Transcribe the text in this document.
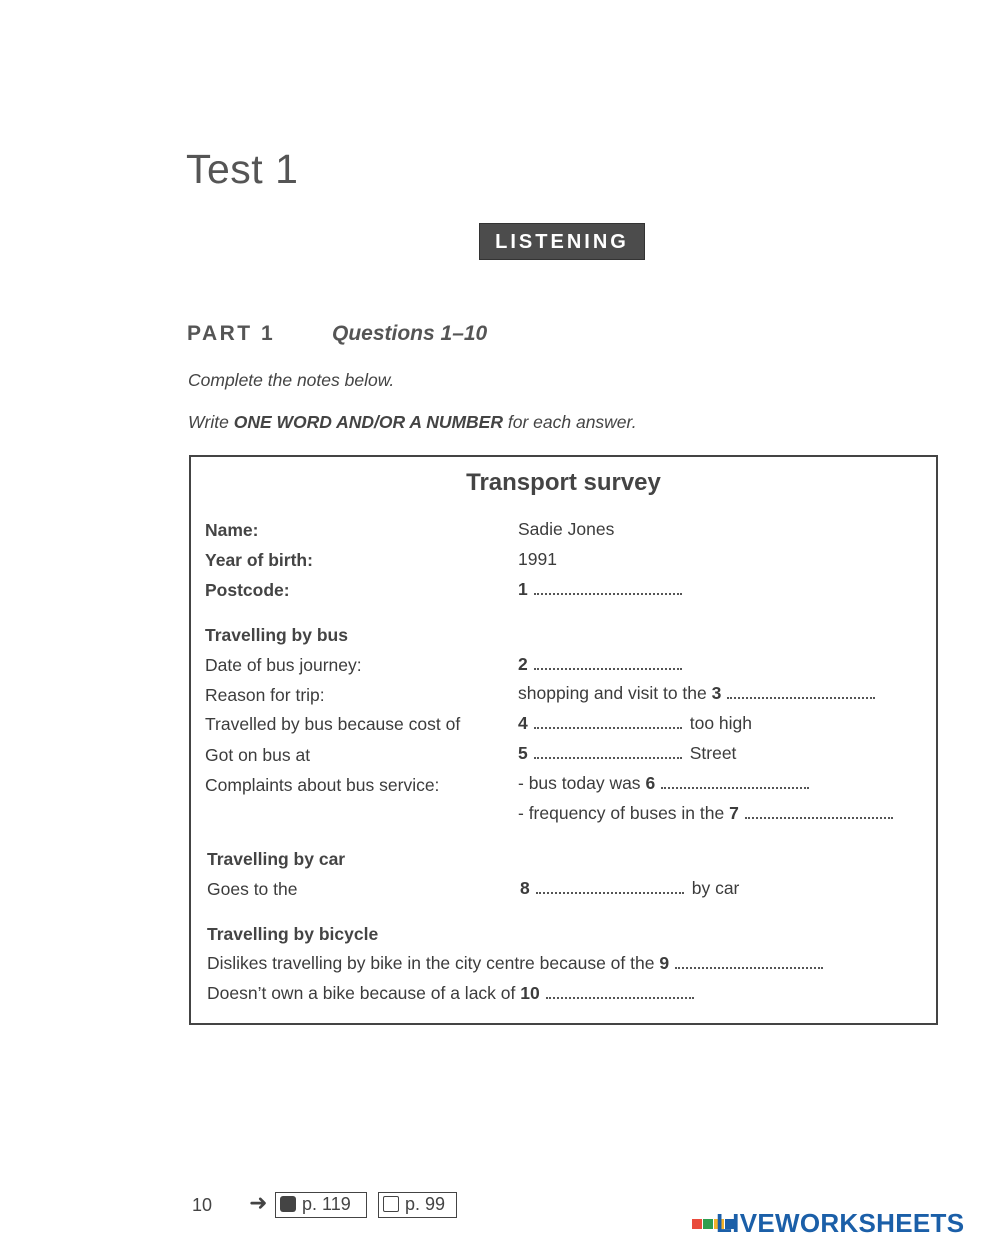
Test 1
LISTENING
PART 1	Questions 1–10
Complete the notes below.
Write ONE WORD AND/OR A NUMBER for each answer.
Transport survey
Name:	Sadie Jones
Year of birth:	1991
Postcode:	1
Travelling by bus
Date of bus journey:	2
Reason for trip:	shopping and visit to the 3
Travelled by bus because cost of	4	too high
Got on bus at	5	Street
Complaints about bus service:	- bus today was 6
- frequency of buses in the 7
Travelling by car
Goes to the	8	by car
Travelling by bicycle
Dislikes travelling by bike in the city centre because of the 9
Doesn’t own a bike because of a lack of 10
10 ➜	p. 119	p. 99
LIVEWORKSHEETS
